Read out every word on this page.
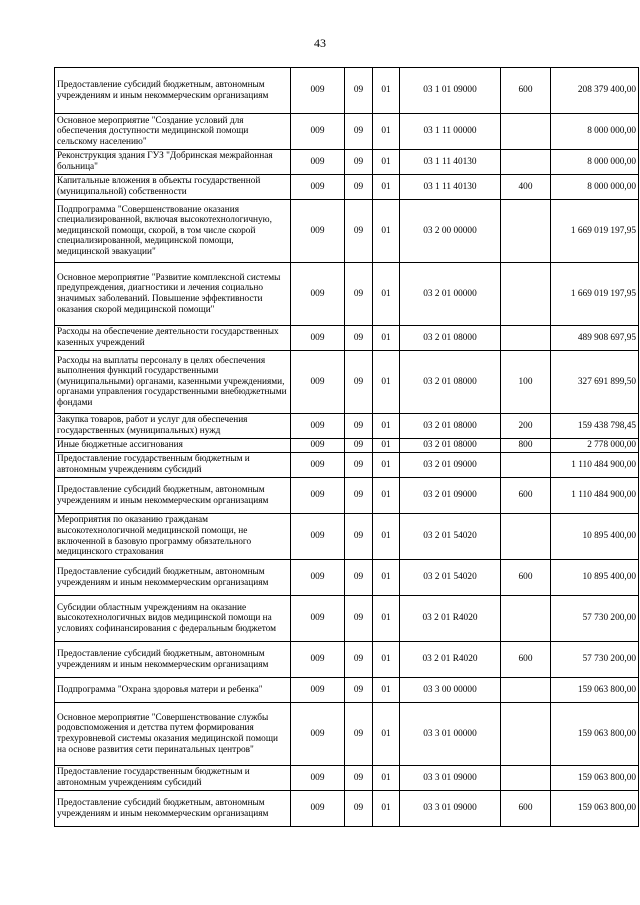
43
Предоставление субсидий бюджетным, автономным учреждениям и иным некоммерческим организациям	009	09	01	03 1 01 09000	600	208 379 400,00
Основное мероприятие "Создание условий для обеспечения доступности медицинской помощи сельскому населению"	009	09	01	03 1 11 00000		8 000 000,00
Реконструкция здания ГУЗ "Добринская межрайонная больница"	009	09	01	03 1 11 40130		8 000 000,00
Капитальные вложения в объекты государственной (муниципальной) собственности	009	09	01	03 1 11 40130	400	8 000 000,00
Подпрограмма "Совершенствование оказания специализированной, включая высокотехнологичную, медицинской помощи, скорой, в том числе скорой специализированной, медицинской помощи, медицинской эвакуации"	009	09	01	03 2 00 00000		1 669 019 197,95
Основное мероприятие "Развитие комплексной системы предупреждения, диагностики и лечения социально значимых заболеваний. Повышение эффективности оказания скорой медицинской помощи"	009	09	01	03 2 01 00000		1 669 019 197,95
Расходы на обеспечение деятельности государственных казенных учреждений	009	09	01	03 2 01 08000		489 908 697,95
Расходы на выплаты персоналу в целях обеспечения выполнения функций государственными (муниципальными) органами, казенными учреждениями, органами управления государственными внебюджетными фондами	009	09	01	03 2 01 08000	100	327 691 899,50
Закупка товаров, работ и услуг для обеспечения государственных (муниципальных) нужд	009	09	01	03 2 01 08000	200	159 438 798,45
Иные бюджетные ассигнования	009	09	01	03 2 01 08000	800	2 778 000,00
Предоставление государственным бюджетным и автономным учреждениям субсидий	009	09	01	03 2 01 09000		1 110 484 900,00
Предоставление субсидий бюджетным, автономным учреждениям и иным некоммерческим организациям	009	09	01	03 2 01 09000	600	1 110 484 900,00
Мероприятия по оказанию гражданам высокотехнологичной медицинской помощи, не включенной в базовую программу обязательного медицинского страхования	009	09	01	03 2 01 54020		10 895 400,00
Предоставление субсидий бюджетным, автономным учреждениям и иным некоммерческим организациям	009	09	01	03 2 01 54020	600	10 895 400,00
Субсидии областным учреждениям на оказание высокотехнологичных видов медицинской помощи на условиях софинансирования с федеральным бюджетом	009	09	01	03 2 01 R4020		57 730 200,00
Предоставление субсидий бюджетным, автономным учреждениям и иным некоммерческим организациям	009	09	01	03 2 01 R4020	600	57 730 200,00
Подпрограмма "Охрана здоровья матери и ребенка"	009	09	01	03 3 00 00000		159 063 800,00
Основное мероприятие "Совершенствование службы родовспоможения и детства путем формирования трехуровневой системы оказания медицинской помощи на основе развития сети перинатальных центров"	009	09	01	03 3 01 00000		159 063 800,00
Предоставление государственным бюджетным и автономным учреждениям субсидий	009	09	01	03 3 01 09000		159 063 800,00
Предоставление субсидий бюджетным, автономным учреждениям и иным некоммерческим организациям	009	09	01	03 3 01 09000	600	159 063 800,00
